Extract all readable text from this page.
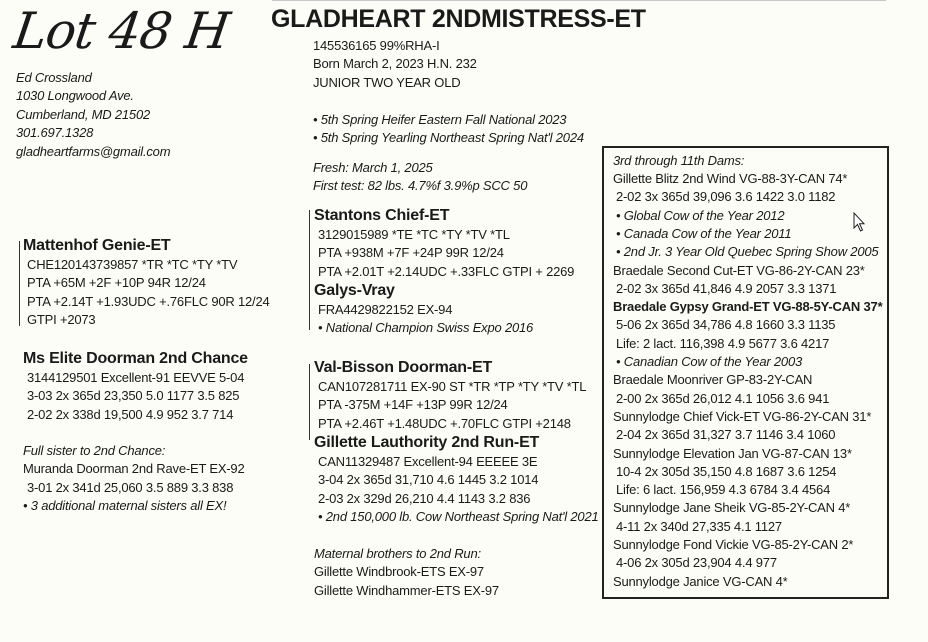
Lot 48 H GLADHEART 2NDMISTRESS-ET
Ed Crossland
1030 Longwood Ave.
Cumberland, MD 21502
301.697.1328
gladheartfarms@gmail.com
145536165 99%RHA-I
Born March 2, 2023 H.N. 232
JUNIOR TWO YEAR OLD
• 5th Spring Heifer Eastern Fall National 2023
• 5th Spring Yearling Northeast Spring Nat'l 2024
Fresh: March 1, 2025
First test: 82 lbs. 4.7%f 3.9%p SCC 50
Mattenhof Genie-ET
CHE120143739857 *TR *TC *TY *TV
PTA +65M +2F +10P 94R 12/24
PTA +2.14T +1.93UDC +.76FLC 90R 12/24
GTPI +2073
Ms Elite Doorman 2nd Chance
3144129501 Excellent-91 EEVVE 5-04
3-03 2x 365d 23,350 5.0 1177 3.5 825
2-02 2x 338d 19,500 4.9 952 3.7 714
Full sister to 2nd Chance:
Muranda Doorman 2nd Rave-ET EX-92
3-01 2x 341d 25,060 3.5 889 3.3 838
• 3 additional maternal sisters all EX!
Stantons Chief-ET
3129015989 *TE *TC *TY *TV *TL
PTA +938M +7F +24P 99R 12/24
PTA +2.01T +2.14UDC +.33FLC GTPI + 2269
Galys-Vray
FRA4429822152 EX-94
• National Champion Swiss Expo 2016
Val-Bisson Doorman-ET
CAN107281711 EX-90 ST *TR *TP *TY *TV *TL
PTA -375M +14F +13P 99R 12/24
PTA +2.46T +1.48UDC +.70FLC GTPI +2148
Gillette Lauthority 2nd Run-ET
CAN11329487 Excellent-94 EEEEE 3E
3-04 2x 365d 31,710 4.6 1445 3.2 1014
2-03 2x 329d 26,210 4.4 1143 3.2 836
• 2nd 150,000 lb. Cow Northeast Spring Nat'l 2021
Maternal brothers to 2nd Run:
Gillette Windbrook-ETS EX-97
Gillette Windhammer-ETS EX-97
3rd through 11th Dams:
Gillette Blitz 2nd Wind VG-88-3Y-CAN 74*
2-02 3x 365d 39,096 3.6 1422 3.0 1182
• Global Cow of the Year 2012
• Canada Cow of the Year 2011
• 2nd Jr. 3 Year Old Quebec Spring Show 2005
Braedale Second Cut-ET VG-86-2Y-CAN 23*
2-02 3x 365d 41,846 4.9 2057 3.3 1371
Braedale Gypsy Grand-ET VG-88-5Y-CAN 37*
5-06 2x 365d 34,786 4.8 1660 3.3 1135
Life: 2 lact. 116,398 4.9 5677 3.6 4217
• Canadian Cow of the Year 2003
Braedale Moonriver GP-83-2Y-CAN
2-00 2x 365d 26,012 4.1 1056 3.6 941
Sunnylodge Chief Vick-ET VG-86-2Y-CAN 31*
2-04 2x 365d 31,327 3.7 1146 3.4 1060
Sunnylodge Elevation Jan VG-87-CAN 13*
10-4 2x 305d 35,150 4.8 1687 3.6 1254
Life: 6 lact. 156,959 4.3 6784 3.4 4564
Sunnylodge Jane Sheik VG-85-2Y-CAN 4*
4-11 2x 340d 27,335 4.1 1127
Sunnylodge Fond Vickie VG-85-2Y-CAN 2*
4-06 2x 305d 23,904 4.4 977
Sunnylodge Janice VG-CAN 4*
